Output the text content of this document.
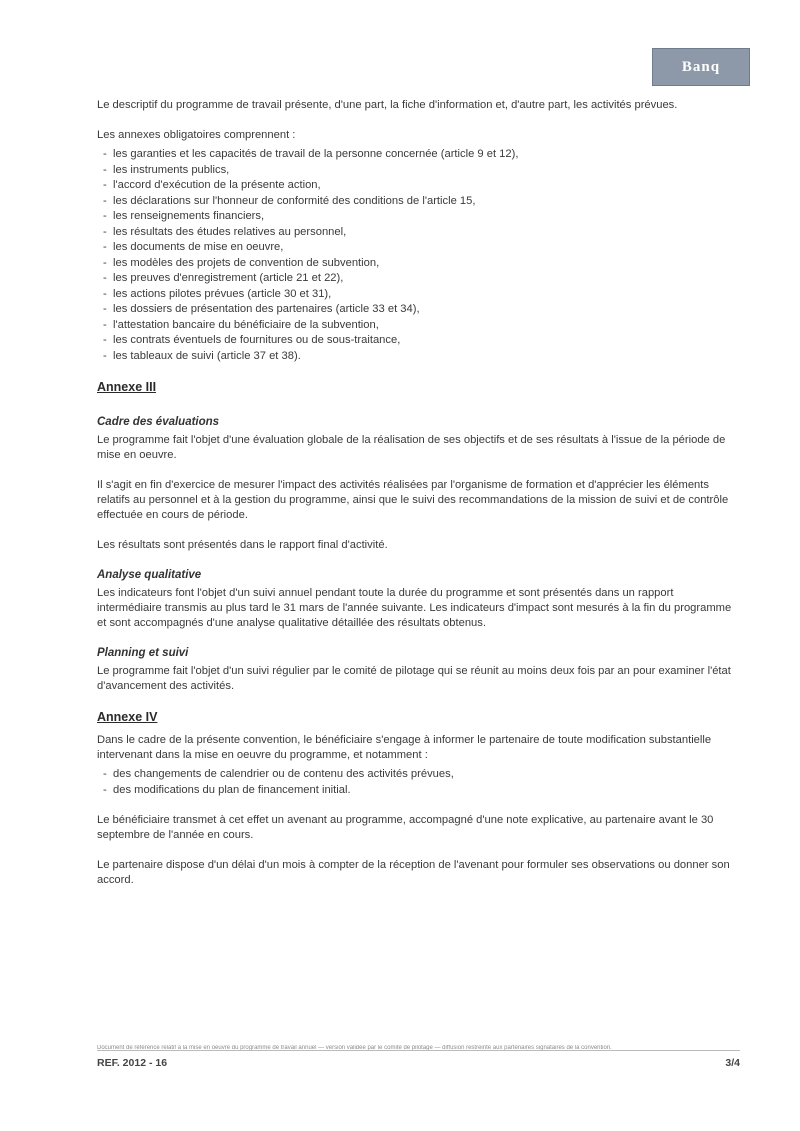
Banq

Le descriptif du programme de travail présente, d'une part, la fiche d'information et, d'autre part, les activités prévues.

Les annexes obligatoires comprennent :

- les garanties et les capacités de travail de la personne concernée (article 9 et 12),
- les instruments publics,
- l'accord d'exécution de la présente action,
- les déclarations sur l'honneur de conformité des conditions de l'article 15,
- les renseignements financiers,
- les résultats des études relatives au personnel,
- les documents de mise en oeuvre,
- les modèles des projets de convention de subvention,
- les preuves d'enregistrement (article 21 et 22),
- les actions pilotes prévues (article 30 et 31),
- les dossiers de présentation des partenaires (article 33 et 34),
- l'attestation bancaire du bénéficiaire de la subvention,
- les contrats éventuels de fournitures ou de sous-traitance,
- les tableaux de suivi (article 37 et 38).
Annexe III
Cadre des évaluations

Le programme fait l'objet d'une évaluation globale de la réalisation de ses objectifs et de ses résultats à l'issue de la période de mise en oeuvre.

Il s'agit en fin d'exercice de mesurer l'impact des activités réalisées par l'organisme de formation et d'apprécier les éléments relatifs au personnel et à la gestion du programme, ainsi que le suivi des recommandations de la mission de suivi et de contrôle effectuée en cours de période.

Les résultats sont présentés dans le rapport final d'activité.

Analyse qualitative

Les indicateurs font l'objet d'un suivi annuel pendant toute la durée du programme et sont présentés dans un rapport intermédiaire transmis au plus tard le 31 mars de l'année suivante. Les indicateurs d'impact sont mesurés à la fin du programme et sont accompagnés d'une analyse qualitative détaillée des résultats obtenus.

Planning et suivi

Le programme fait l'objet d'un suivi régulier par le comité de pilotage qui se réunit au moins deux fois par an pour examiner l'état d'avancement des activités.

Annexe IV

Dans le cadre de la présente convention, le bénéficiaire s'engage à informer le partenaire de toute modification substantielle intervenant dans la mise en oeuvre du programme, et notamment :

- des changements de calendrier ou de contenu des activités prévues,
- des modifications du plan de financement initial.

Le bénéficiaire transmet à cet effet un avenant au programme, accompagné d'une note explicative, au partenaire avant le 30 septembre de l'année en cours.

Le partenaire dispose d'un délai d'un mois à compter de la réception de l'avenant pour formuler ses observations ou donner son accord.

Document de référence relatif à la mise en oeuvre du programme de travail annuel — version validée par le comité de pilotage — diffusion restreinte aux partenaires signataires de la convention.
REF. 2012 - 16	3/4
